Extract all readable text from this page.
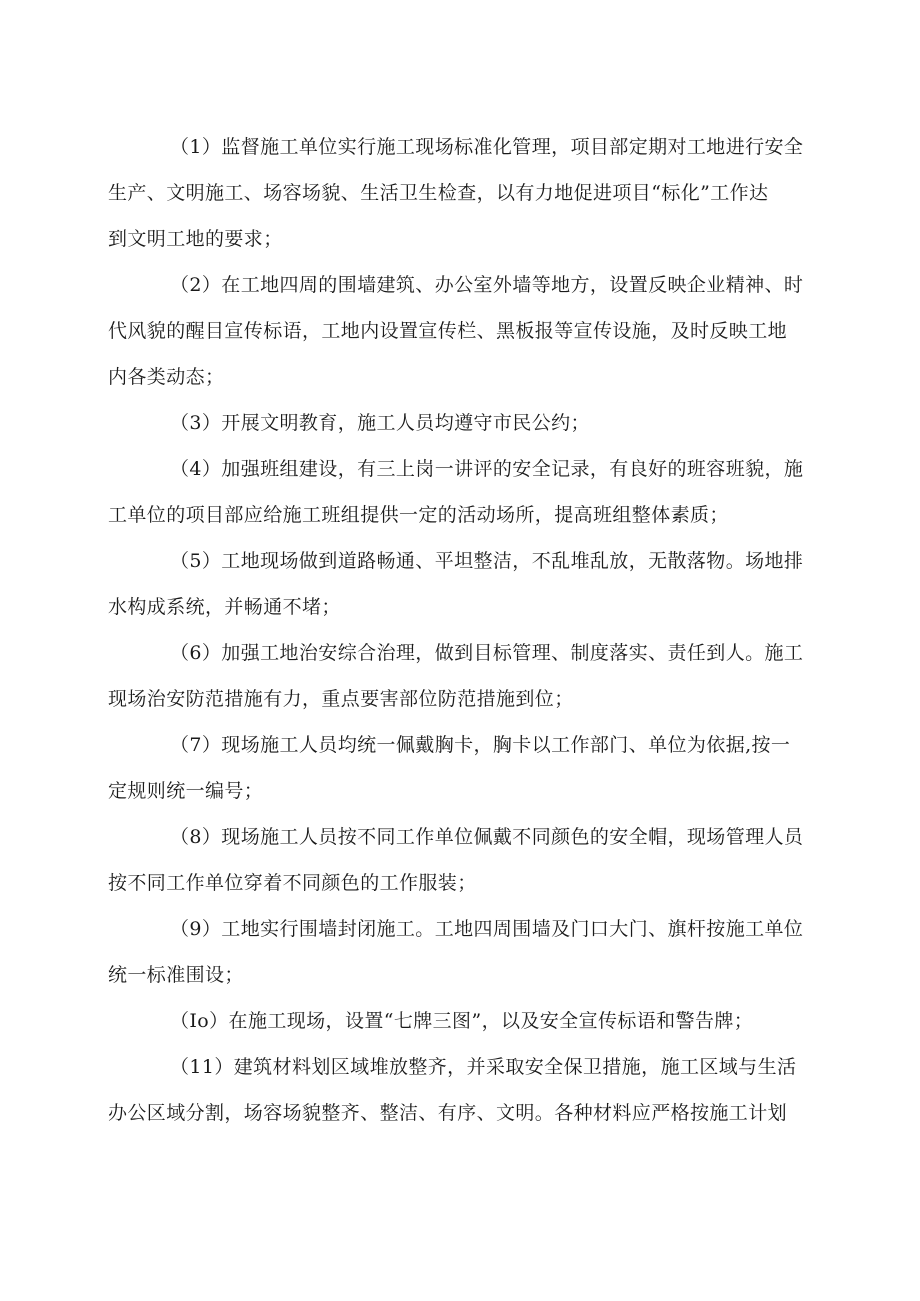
（1）监督施工单位实行施工现场标准化管理，项目部定期对工地进行安全
生产、文明施工、场容场貌、生活卫生检查，以有力地促进项目“标化”工作达
到文明工地的要求；

（2）在工地四周的围墙建筑、办公室外墙等地方，设置反映企业精神、时
代风貌的醒目宣传标语，工地内设置宣传栏、黑板报等宣传设施，及时反映工地
内各类动态；

（3）开展文明教育，施工人员均遵守市民公约；

（4）加强班组建设，有三上岗一讲评的安全记录，有良好的班容班貌，施
工单位的项目部应给施工班组提供一定的活动场所，提高班组整体素质；

（5）工地现场做到道路畅通、平坦整洁，不乱堆乱放，无散落物。场地排
水构成系统，并畅通不堵；

（6）加强工地治安综合治理，做到目标管理、制度落实、责任到人。施工
现场治安防范措施有力，重点要害部位防范措施到位；

（7）现场施工人员均统一佩戴胸卡，胸卡以工作部门、单位为依据,按一
定规则统一编号；

（8）现场施工人员按不同工作单位佩戴不同颜色的安全帽，现场管理人员
按不同工作单位穿着不同颜色的工作服装；

（9）工地实行围墙封闭施工。工地四周围墙及门口大门、旗杆按施工单位
统一标准围设；

（Io）在施工现场，设置“七牌三图”，以及安全宣传标语和警告牌；

（11）建筑材料划区域堆放整齐，并采取安全保卫措施，施工区域与生活
办公区域分割，场容场貌整齐、整洁、有序、文明。各种材料应严格按施工计划
